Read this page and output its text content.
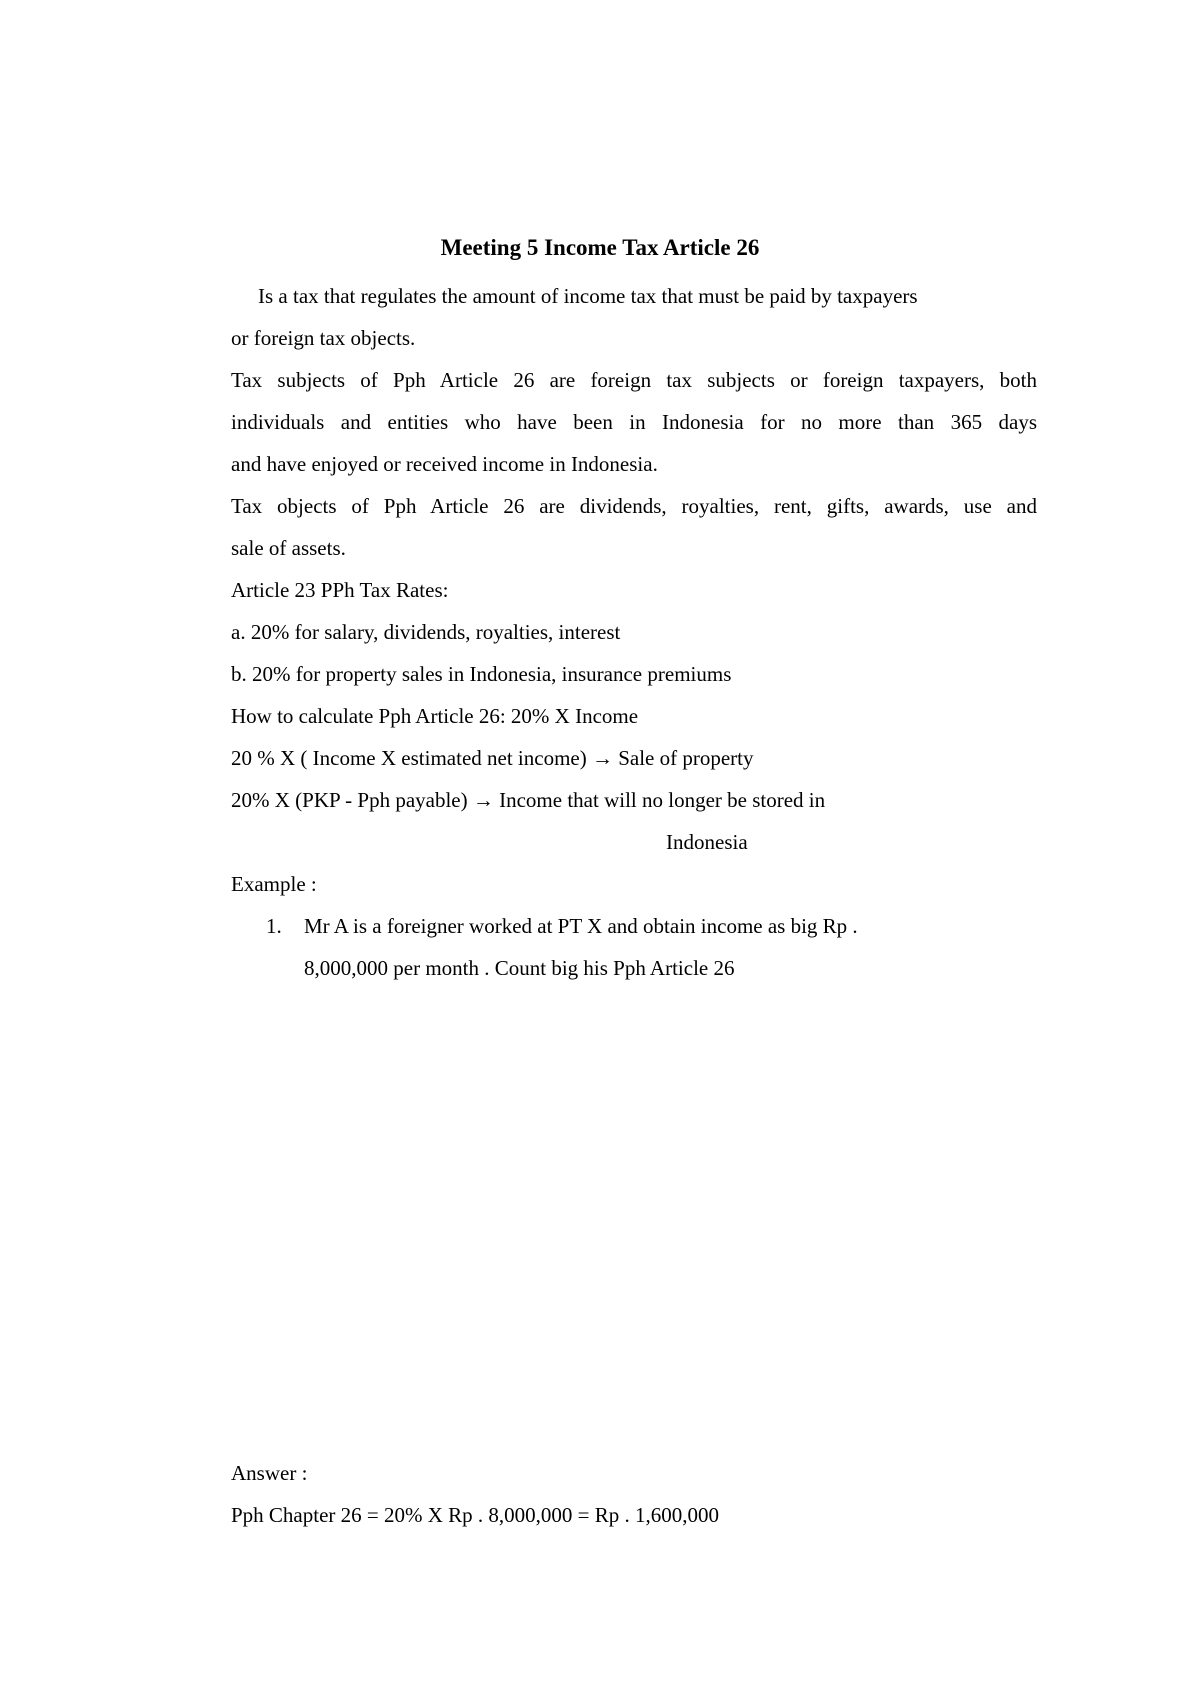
Meeting 5 Income Tax Article 26
Is a tax that regulates the amount of income tax that must be paid by taxpayers
or foreign tax objects.
Tax subjects of Pph Article 26 are foreign tax subjects or foreign taxpayers, both
individuals and entities who have been in Indonesia for no more than 365 days
and have enjoyed or received income in Indonesia.
Tax objects of Pph Article 26 are dividends, royalties, rent, gifts, awards, use and
sale of assets.
Article 23 PPh Tax Rates:
a. 20% for salary, dividends, royalties, interest
b. 20% for property sales in Indonesia, insurance premiums
How to calculate Pph Article 26: 20% X Income
20 % X ( Income X estimated net income) → Sale of property
20% X (PKP - Pph payable) → Income that will no longer be stored in
Indonesia
Example :
1. Mr A is a foreigner worked at PT X and obtain income as big Rp .
8,000,000 per month . Count big his Pph Article 26
Answer :
Pph Chapter 26 = 20% X Rp . 8,000,000 = Rp . 1,600,000
